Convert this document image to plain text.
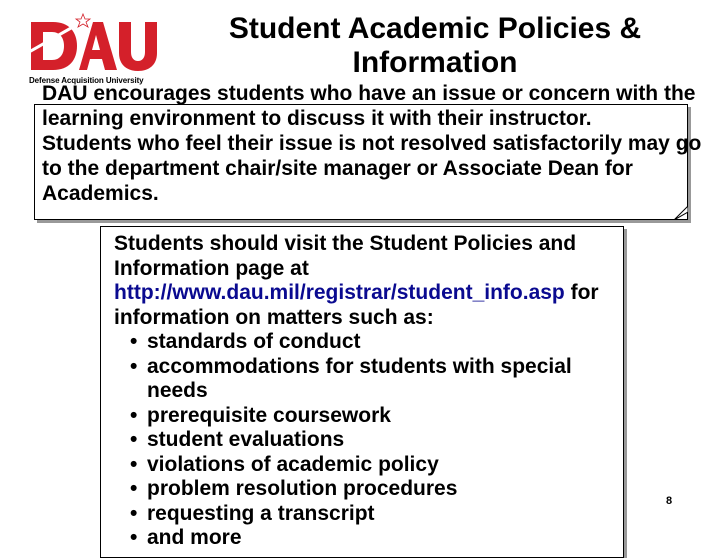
Defense Acquisition University
Student Academic Policies &
Information

DAU encourages students who have an issue or concern with the learning environment to discuss it with their instructor.

Students who feel their issue is not resolved satisfactorily may go to the department chair/site manager or Associate Dean for Academics.

Students should visit the Student Policies and Information page at http://www.dau.mil/registrar/student_info.asp for information on matters such as:

• standards of conduct
• accommodations for students with special needs
• prerequisite coursework
• student evaluations
• violations of academic policy
• problem resolution procedures
• requesting a transcript
• and more
8
